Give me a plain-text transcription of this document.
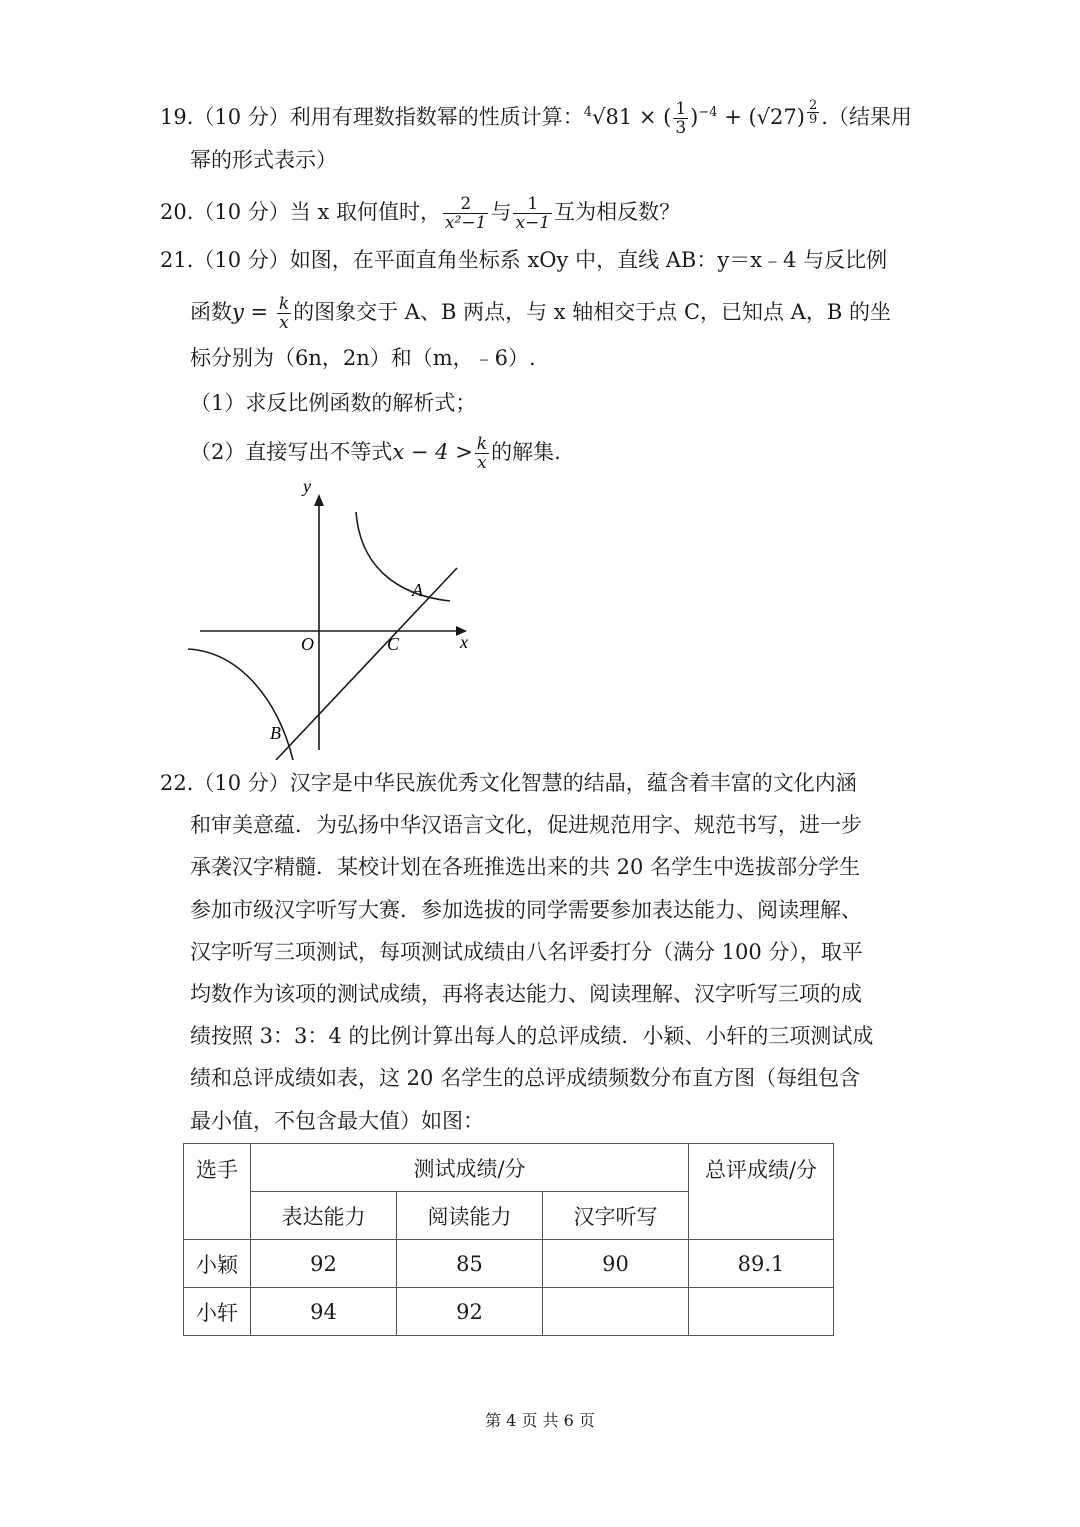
19.（10 分）利用有理数指数幂的性质计算：$^4$√81 × ( $\frac{1}{3} )^{-4} + (√27)$ $^{\frac{2}{9}}$ .（结果用
幂的形式表示）
20.（10 分）当 x 取何值时， $\frac{2}{\text{x²−1}}$ 与 $\frac{1}{x-1}$ 互为相反数？
21.（10 分）如图，在平面直角坐标系 xOy 中，直线 AB：y＝x﹣4 与反比例
函数$y = \frac{k}{x}$ 的图象交于 A、B 两点，与 x 轴相交于点 C，已知点 A，B 的坐
标分别为（6n，2n）和（m，﹣6）.
（1）求反比例函数的解析式；
（2）直接写出不等式$x - 4 > \frac{k}{x}$ 的解集.
y
x
O
A
B
C
22.（10 分）汉字是中华民族优秀文化智慧的结晶，蕴含着丰富的文化内涵
和审美意蕴．为弘扬中华汉语言文化，促进规范用字、规范书写，进一步
承袭汉字精髓．某校计划在各班推选出来的共 20 名学生中选拔部分学生
参加市级汉字听写大赛．参加选拔的同学需要参加表达能力、阅读理解、
汉字听写三项测试，每项测试成绩由八名评委打分（满分 100 分），取平
均数作为该项的测试成绩，再将表达能力、阅读理解、汉字听写三项的成
绩按照 3：3：4 的比例计算出每人的总评成绩．小颖、小轩的三项测试成
绩和总评成绩如表，这 20 名学生的总评成绩频数分布直方图（每组包含
最小值，不包含最大值）如图：
选手	测试成绩/分			总评成绩/分
	表达能力	阅读能力	汉字听写	
小颖	92	85	90	89.1
小轩	94	92		
第 4 页 共 6 页
